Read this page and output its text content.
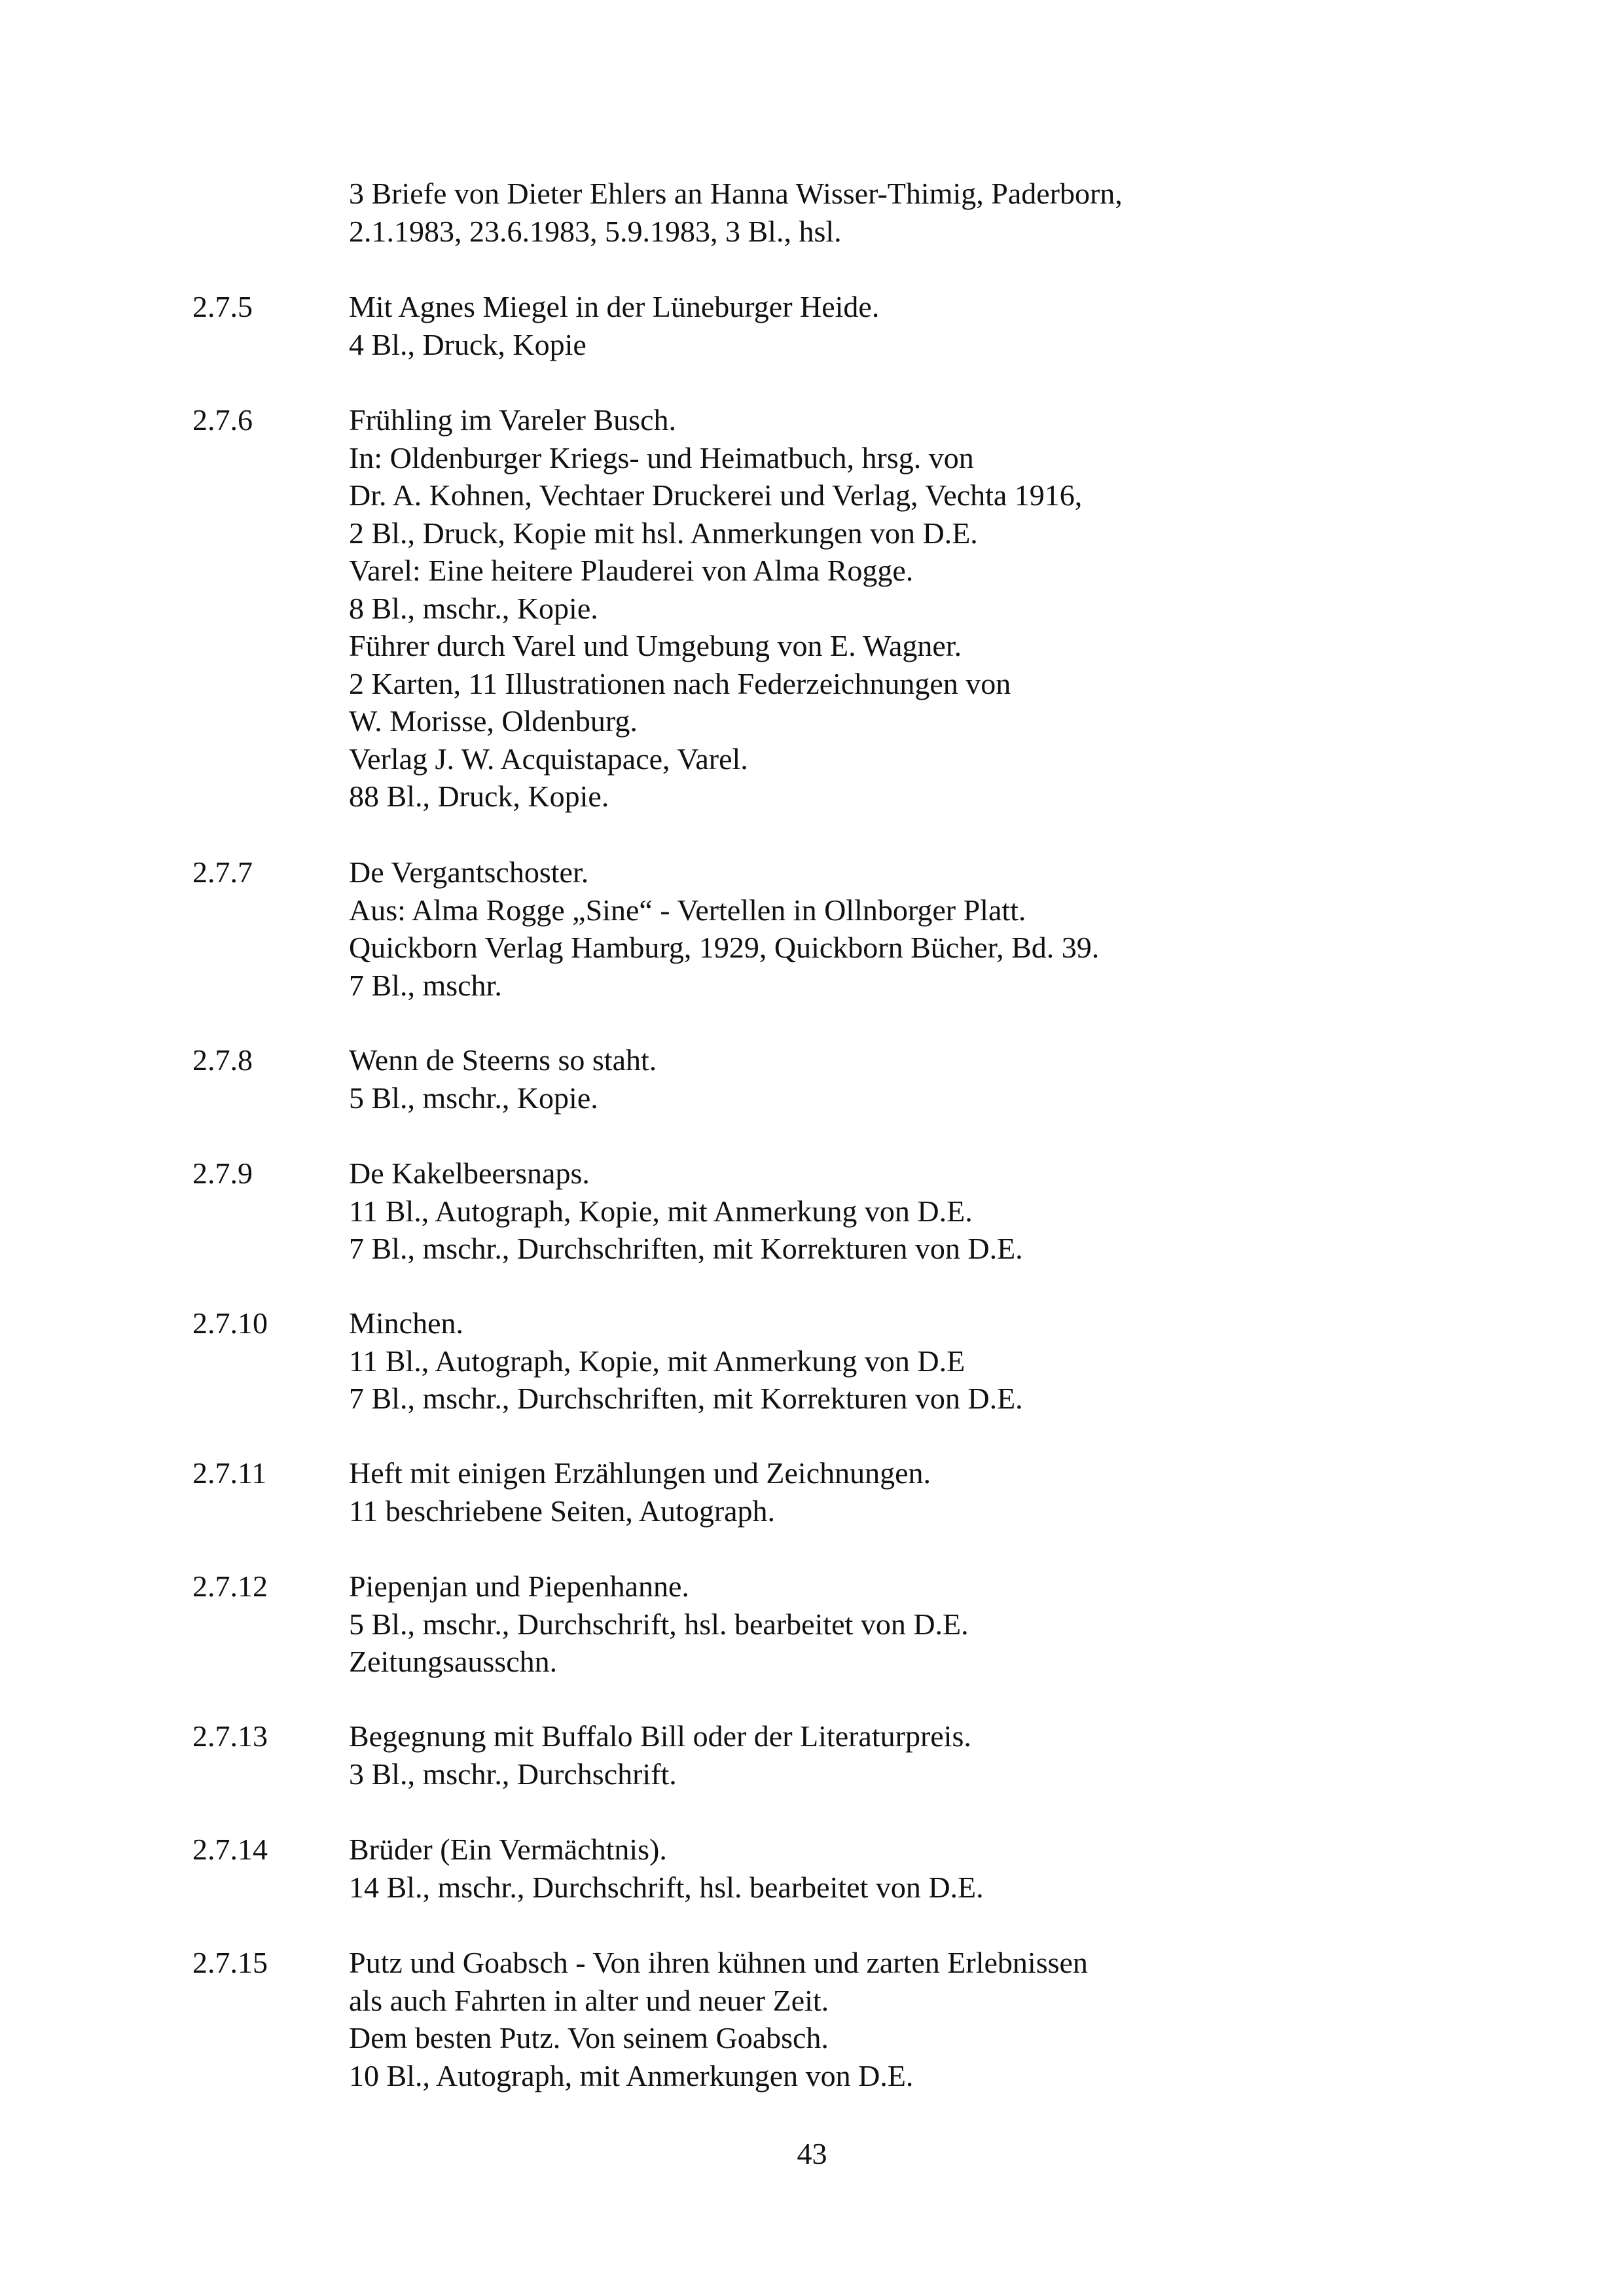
3 Briefe von Dieter Ehlers an Hanna Wisser-Thimig, Paderborn,
2.1.1983, 23.6.1983, 5.9.1983, 3 Bl., hsl.
2.7.5	Mit Agnes Miegel in der Lüneburger Heide.
4 Bl., Druck, Kopie
2.7.6	Frühling im Vareler Busch.
In: Oldenburger Kriegs- und Heimatbuch, hrsg. von
Dr. A. Kohnen, Vechtaer Druckerei und Verlag, Vechta 1916,
2 Bl., Druck, Kopie mit hsl. Anmerkungen von D.E.
Varel: Eine heitere Plauderei von Alma Rogge.
8 Bl., mschr., Kopie.
Führer durch Varel und Umgebung von E. Wagner.
2 Karten, 11 Illustrationen nach Federzeichnungen von
W. Morisse, Oldenburg.
Verlag J. W. Acquistapace, Varel.
88 Bl., Druck, Kopie.
2.7.7	De Vergantschoster.
Aus: Alma Rogge „Sine“ - Vertellen in Ollnborger Platt.
Quickborn Verlag Hamburg, 1929, Quickborn Bücher, Bd. 39.
7 Bl., mschr.
2.7.8	Wenn de Steerns so staht.
5 Bl., mschr., Kopie.
2.7.9	De Kakelbeersnaps.
11 Bl., Autograph, Kopie, mit Anmerkung von D.E.
7 Bl., mschr., Durchschriften, mit Korrekturen von D.E.
2.7.10	Minchen.
11 Bl., Autograph, Kopie, mit Anmerkung von D.E
7 Bl., mschr., Durchschriften, mit Korrekturen von D.E.
2.7.11	Heft mit einigen Erzählungen und Zeichnungen.
11 beschriebene Seiten, Autograph.
2.7.12	Piepenjan und Piepenhanne.
5 Bl., mschr., Durchschrift, hsl. bearbeitet von D.E.
Zeitungsausschn.
2.7.13	Begegnung mit Buffalo Bill oder der Literaturpreis.
3 Bl., mschr., Durchschrift.
2.7.14	Brüder (Ein Vermächtnis).
14 Bl., mschr., Durchschrift, hsl. bearbeitet von D.E.
2.7.15	Putz und Goabsch - Von ihren kühnen und zarten Erlebnissen
als auch Fahrten in alter und neuer Zeit.
Dem besten Putz. Von seinem Goabsch.
10 Bl., Autograph, mit Anmerkungen von D.E.
43
